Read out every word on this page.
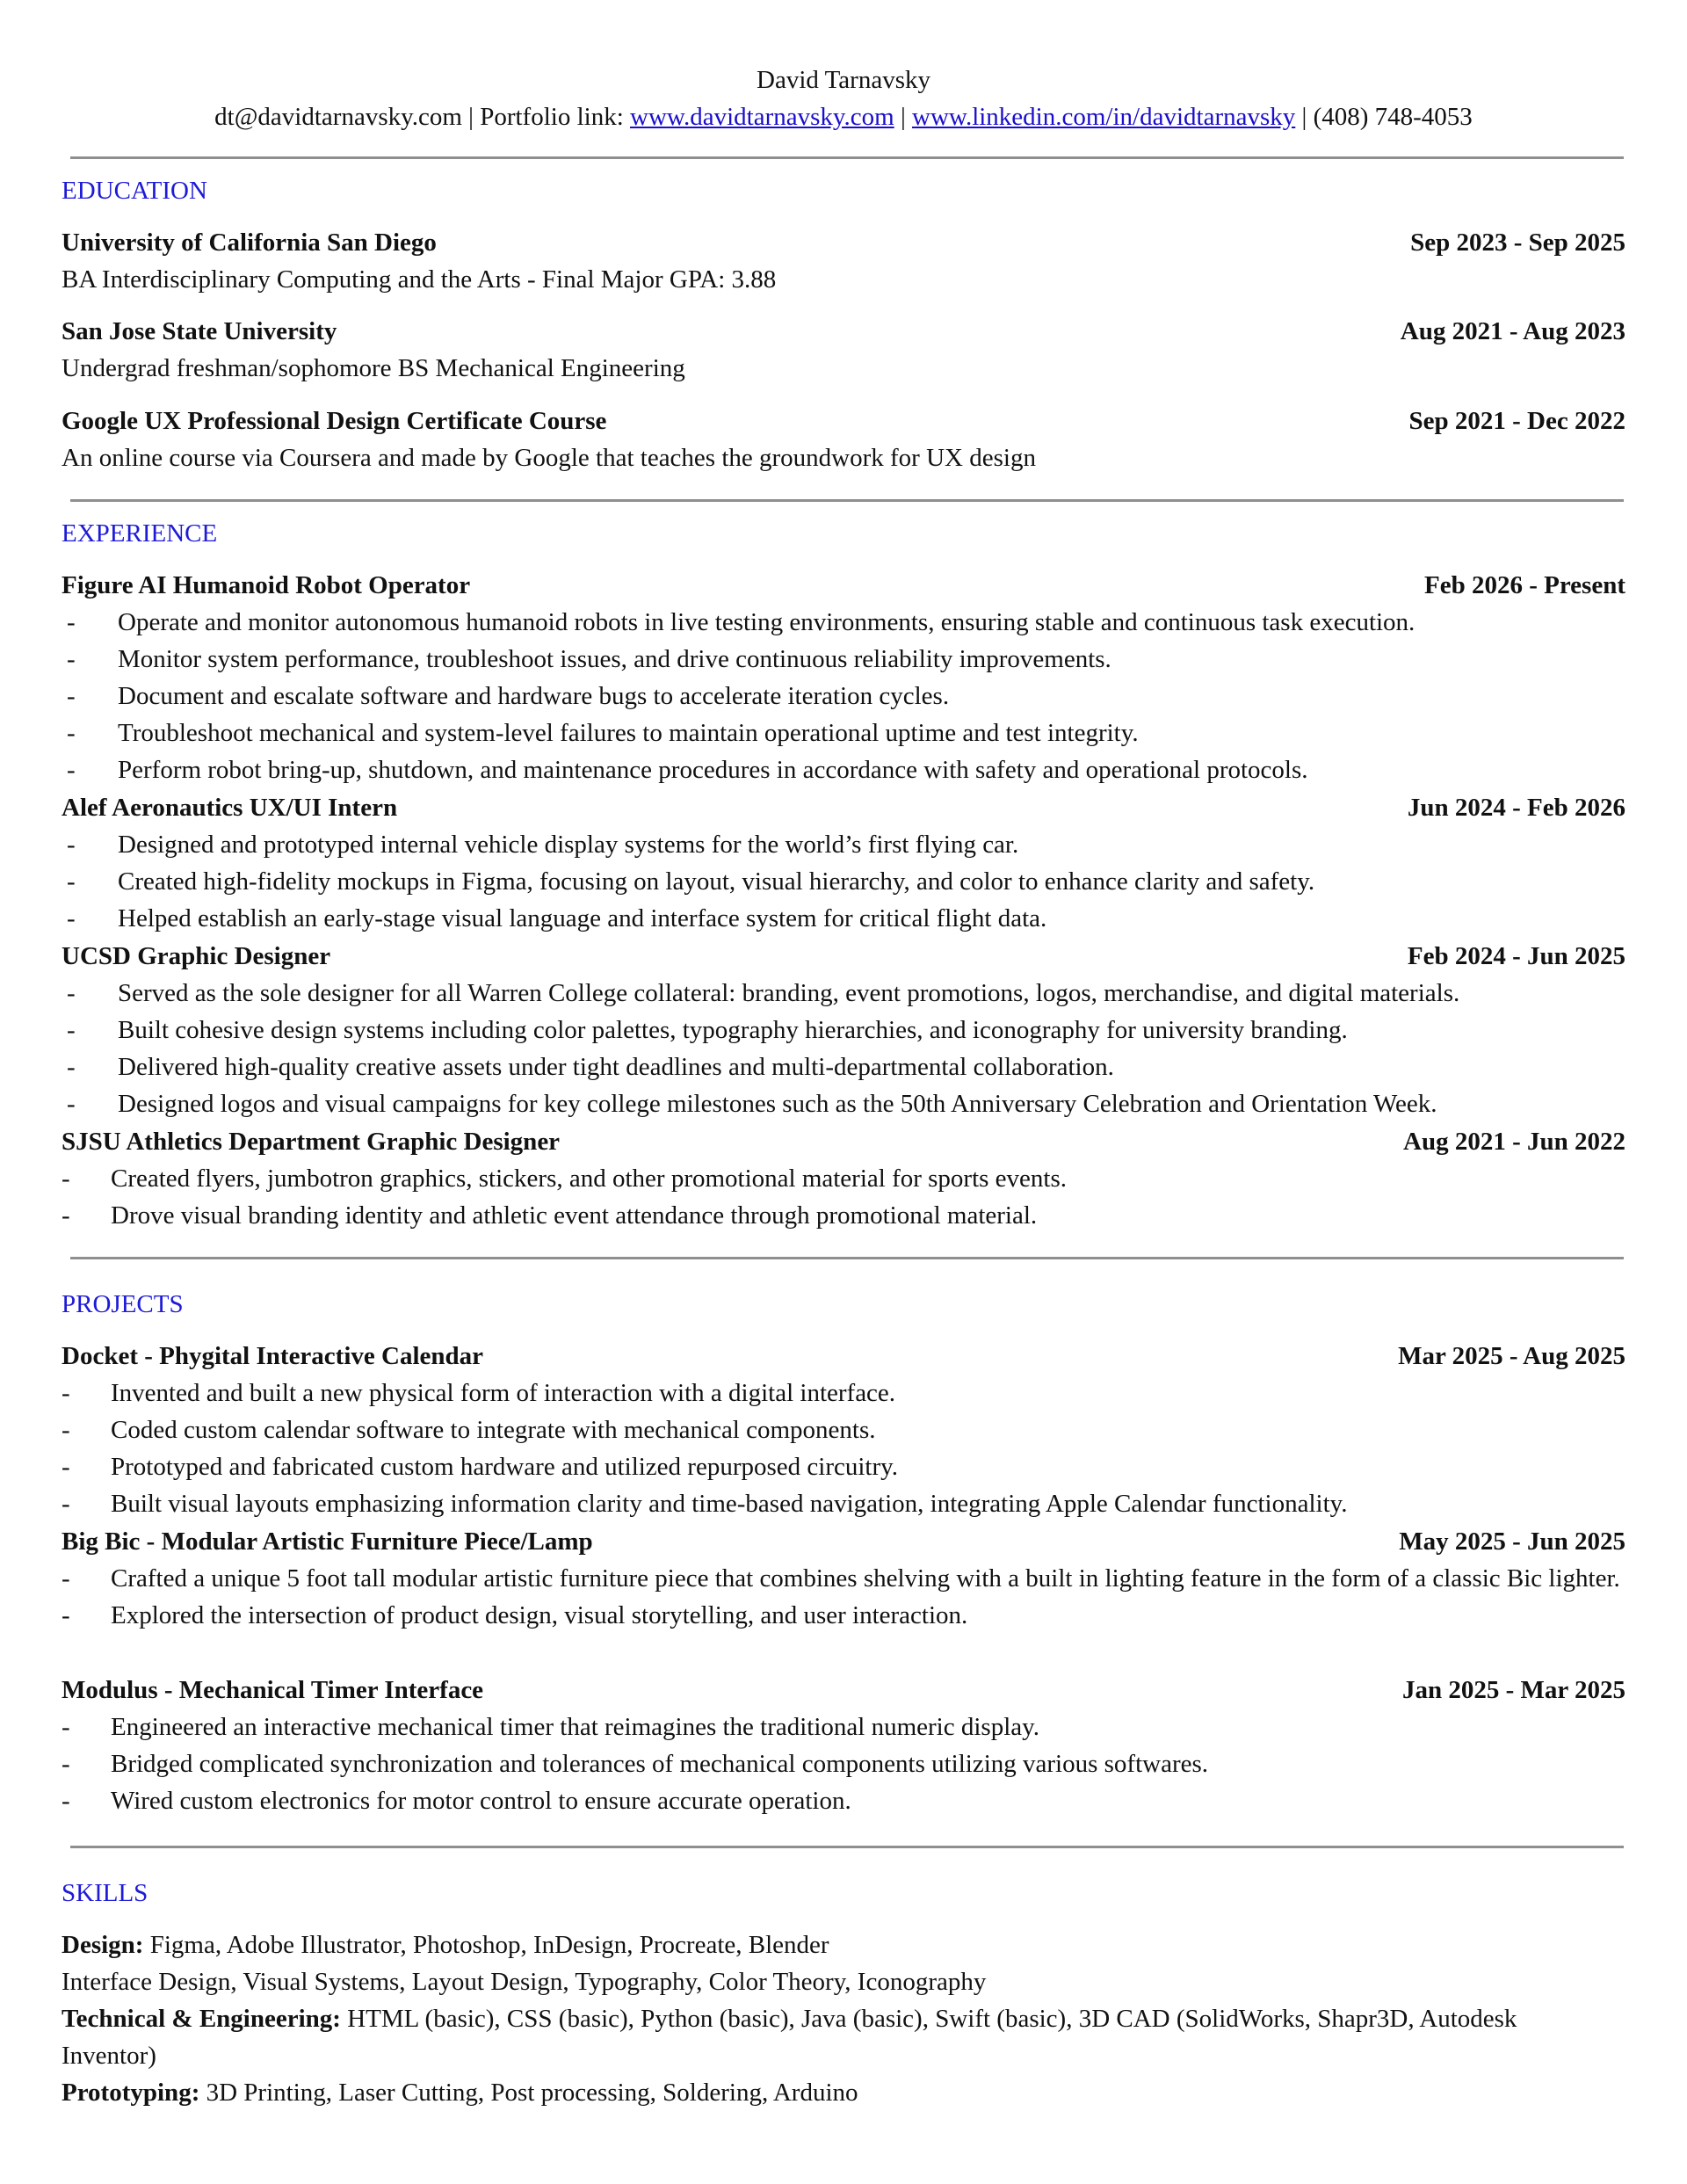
David Tarnavsky
dt@davidtarnavsky.com | Portfolio link: www.davidtarnavsky.com | www.linkedin.com/in/davidtarnavsky | (408) 748-4053
EDUCATION
University of California San Diego	Sep 2023 - Sep 2025
BA Interdisciplinary Computing and the Arts - Final Major GPA: 3.88
San Jose State University	Aug 2021 - Aug 2023
Undergrad freshman/sophomore BS Mechanical Engineering
Google UX Professional Design Certificate Course	Sep 2021 - Dec 2022
An online course via Coursera and made by Google that teaches the groundwork for UX design
EXPERIENCE
Figure AI Humanoid Robot Operator	Feb 2026 - Present
- Operate and monitor autonomous humanoid robots in live testing environments, ensuring stable and continuous task execution.
- Monitor system performance, troubleshoot issues, and drive continuous reliability improvements.
- Document and escalate software and hardware bugs to accelerate iteration cycles.
- Troubleshoot mechanical and system-level failures to maintain operational uptime and test integrity.
- Perform robot bring-up, shutdown, and maintenance procedures in accordance with safety and operational protocols.
Alef Aeronautics UX/UI Intern	Jun 2024 - Feb 2026
- Designed and prototyped internal vehicle display systems for the world’s first flying car.
- Created high-fidelity mockups in Figma, focusing on layout, visual hierarchy, and color to enhance clarity and safety.
- Helped establish an early-stage visual language and interface system for critical flight data.
UCSD Graphic Designer	Feb 2024 - Jun 2025
- Served as the sole designer for all Warren College collateral: branding, event promotions, logos, merchandise, and digital materials.
- Built cohesive design systems including color palettes, typography hierarchies, and iconography for university branding.
- Delivered high-quality creative assets under tight deadlines and multi-departmental collaboration.
- Designed logos and visual campaigns for key college milestones such as the 50th Anniversary Celebration and Orientation Week.
SJSU Athletics Department Graphic Designer	Aug 2021 - Jun 2022
- Created flyers, jumbotron graphics, stickers, and other promotional material for sports events.
- Drove visual branding identity and athletic event attendance through promotional material.
PROJECTS
Docket - Phygital Interactive Calendar	Mar 2025 - Aug 2025
- Invented and built a new physical form of interaction with a digital interface.
- Coded custom calendar software to integrate with mechanical components.
- Prototyped and fabricated custom hardware and utilized repurposed circuitry.
- Built visual layouts emphasizing information clarity and time-based navigation, integrating Apple Calendar functionality.
Big Bic - Modular Artistic Furniture Piece/Lamp	May 2025 - Jun 2025
- Crafted a unique 5 foot tall modular artistic furniture piece that combines shelving with a built in lighting feature in the form of a classic Bic lighter.
- Explored the intersection of product design, visual storytelling, and user interaction.
Modulus - Mechanical Timer Interface	Jan 2025 - Mar 2025
- Engineered an interactive mechanical timer that reimagines the traditional numeric display.
- Bridged complicated synchronization and tolerances of mechanical components utilizing various softwares.
- Wired custom electronics for motor control to ensure accurate operation.
SKILLS
Design: Figma, Adobe Illustrator, Photoshop, InDesign, Procreate, Blender
Interface Design, Visual Systems, Layout Design, Typography, Color Theory, Iconography
Technical & Engineering: HTML (basic), CSS (basic), Python (basic), Java (basic), Swift (basic), 3D CAD (SolidWorks, Shapr3D, Autodesk Inventor)
Prototyping: 3D Printing, Laser Cutting, Post processing, Soldering, Arduino
